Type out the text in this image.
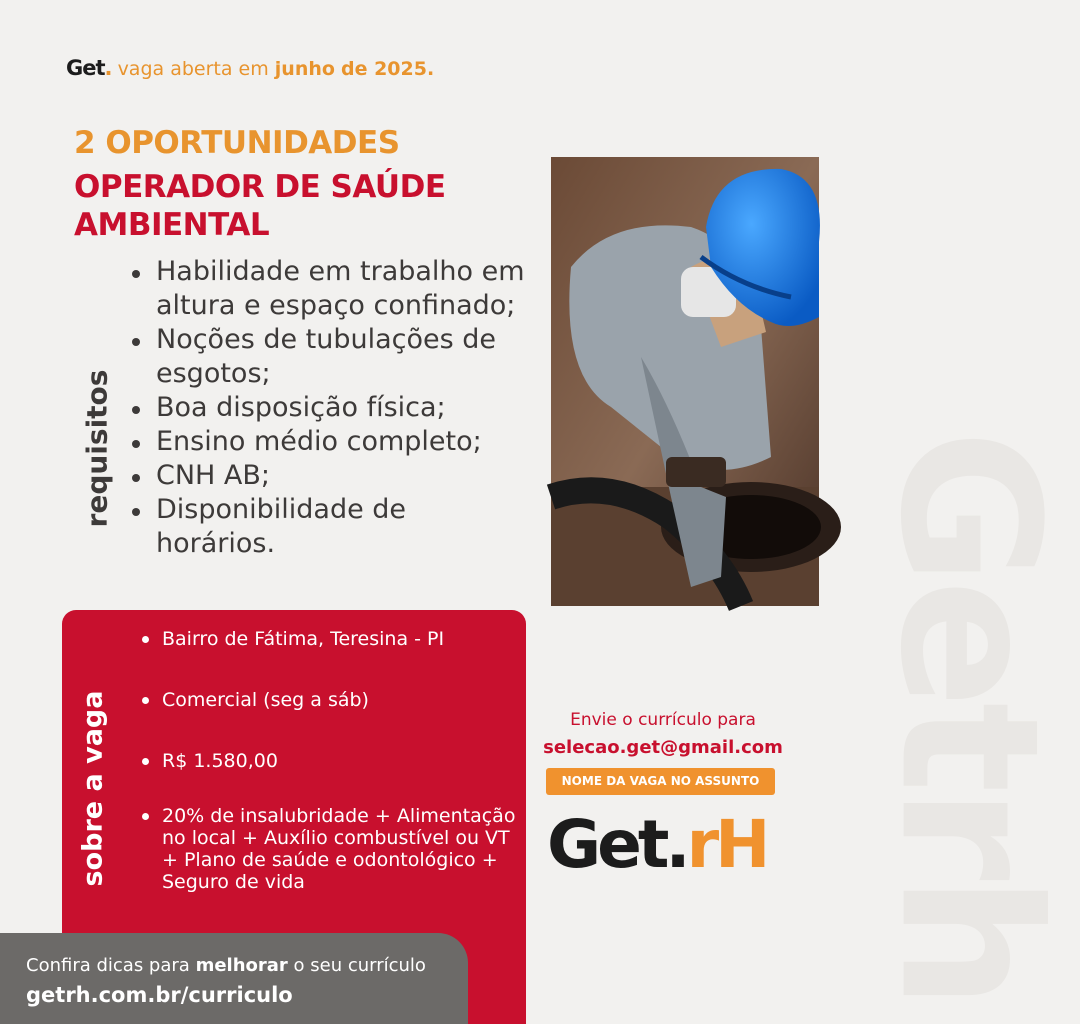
Getrh
Get. vaga aberta em junho de 2025.
2 OPORTUNIDADES
OPERADOR DE SAÚDE AMBIENTAL
requisitos
Habilidade em trabalho em altura e espaço confinado;
Noções de tubulações de esgotos;
Boa disposição física;
Ensino médio completo;
CNH AB;
Disponibilidade de horários.
sobre a vaga
Bairro de Fátima, Teresina - PI
Comercial (seg a sáb)
R$ 1.580,00
20% de insalubridade + Alimentação no local + Auxílio combustível ou VT + Plano de saúde e odontológico + Seguro de vida
Confira dicas para melhorar o seu currículo
getrh.com.br/curriculo
Envie o currículo para
selecao.get@gmail.com
NOME DA VAGA NO ASSUNTO
Get.rH
